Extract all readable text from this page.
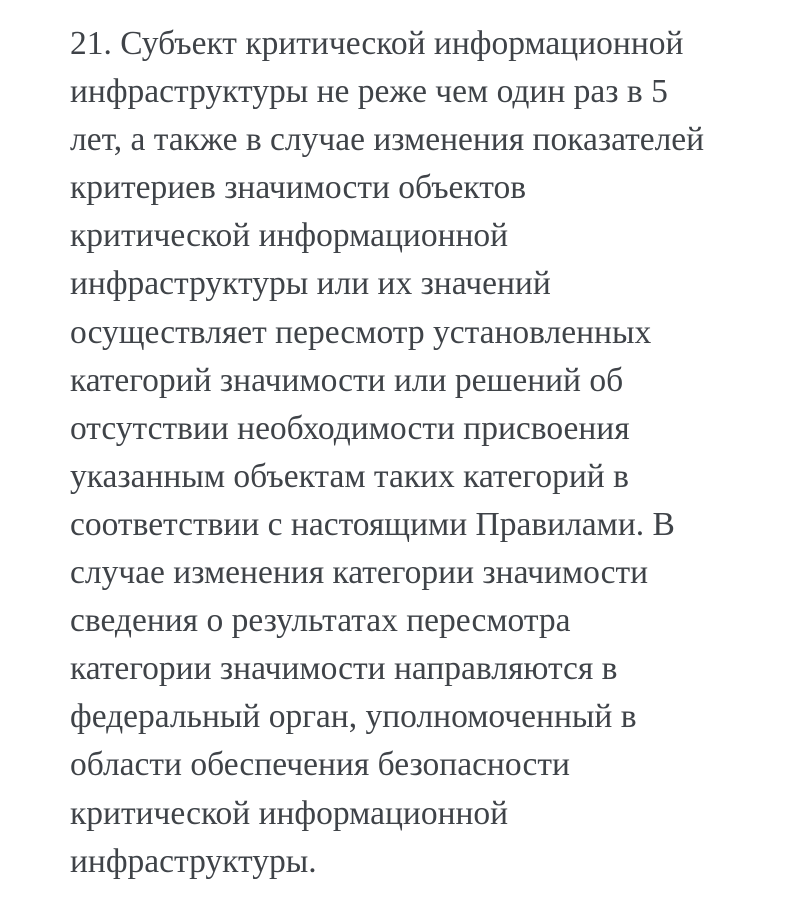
21. Субъект критической информационной
инфраструктуры не реже чем один раз в 5
лет, а также в случае изменения показателей
критериев значимости объектов
критической информационной
инфраструктуры или их значений
осуществляет пересмотр установленных
категорий значимости или решений об
отсутствии необходимости присвоения
указанным объектам таких категорий в
соответствии с настоящими Правилами. В
случае изменения категории значимости
сведения о результатах пересмотра
категории значимости направляются в
федеральный орган, уполномоченный в
области обеспечения безопасности
критической информационной
инфраструктуры.
